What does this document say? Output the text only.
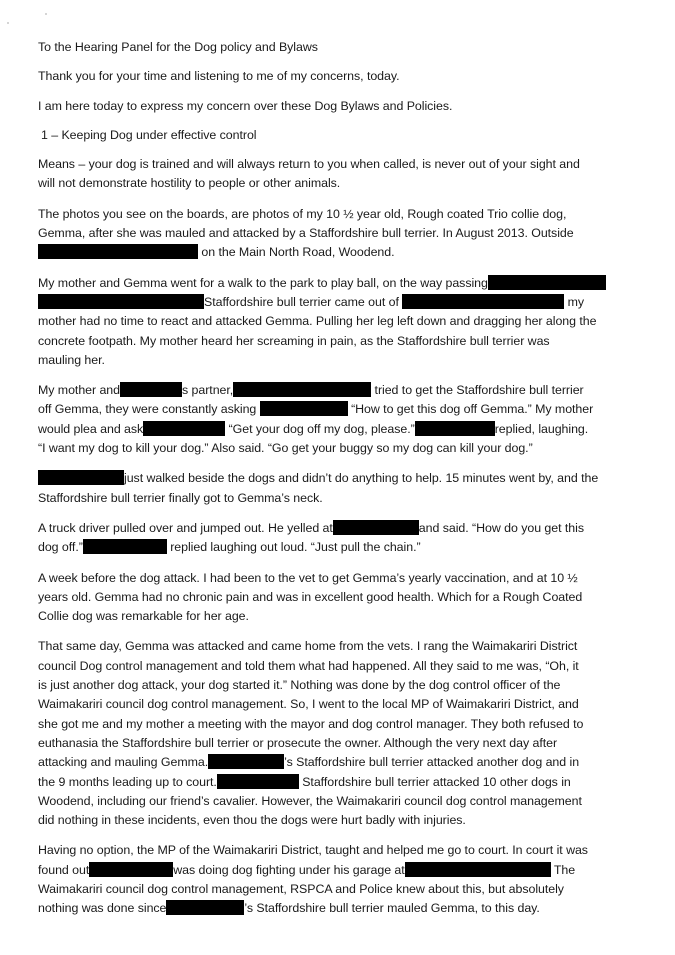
To the Hearing Panel for the Dog policy and Bylaws

Thank you for your time and listening to me of my concerns, today.

I am here today to express my concern over these Dog Bylaws and Policies.

1 – Keeping Dog under effective control

Means – your dog is trained and will always return to you when called, is never out of your sight and

will not demonstrate hostility to people or other animals.

The photos you see on the boards, are photos of my 10 ½ year old, Rough coated Trio collie dog,

Gemma, after she was mauled and attacked by a Staffordshire bull terrier. In August 2013. Outside

on the Main North Road, Woodend.

My mother and Gemma went for a walk to the park to play ball, on the way passing

Staffordshire bull terrier came out of	my

mother had no time to react and attacked Gemma. Pulling her leg left down and dragging her along the

concrete footpath. My mother heard her screaming in pain, as the Staffordshire bull terrier was

mauling her.

My mother and	s partner,	tried to get the Staffordshire bull terrier

off Gemma, they were constantly asking	“How to get this dog off Gemma.” My mother

would plea and ask	“Get your dog off my dog, please.”	replied, laughing.

“I want my dog to kill your dog.” Also said. “Go get your buggy so my dog can kill your dog.”

just walked beside the dogs and didn’t do anything to help. 15 minutes went by, and the

Staffordshire bull terrier finally got to Gemma’s neck.

A truck driver pulled over and jumped out. He yelled at	and said. “How do you get this

dog off.”	replied laughing out loud. “Just pull the chain.”

A week before the dog attack. I had been to the vet to get Gemma’s yearly vaccination, and at 10 ½

years old. Gemma had no chronic pain and was in excellent good health. Which for a Rough Coated

Collie dog was remarkable for her age.

That same day, Gemma was attacked and came home from the vets. I rang the Waimakariri District

council Dog control management and told them what had happened. All they said to me was, “Oh, it

is just another dog attack, your dog started it.” Nothing was done by the dog control officer of the

Waimakariri council dog control management. So, I went to the local MP of Waimakariri District, and

she got me and my mother a meeting with the mayor and dog control manager. They both refused to

euthanasia the Staffordshire bull terrier or prosecute the owner. Although the very next day after

attacking and mauling Gemma.	’s Staffordshire bull terrier attacked another dog and in

the 9 months leading up to court.	Staffordshire bull terrier attacked 10 other dogs in

Woodend, including our friend’s cavalier. However, the Waimakariri council dog control management

did nothing in these incidents, even thou the dogs were hurt badly with injuries.

Having no option, the MP of the Waimakariri District, taught and helped me go to court. In court it was

found out	was doing dog fighting under his garage at	The

Waimakariri council dog control management, RSPCA and Police knew about this, but absolutely

nothing was done since	’s Staffordshire bull terrier mauled Gemma, to this day.
